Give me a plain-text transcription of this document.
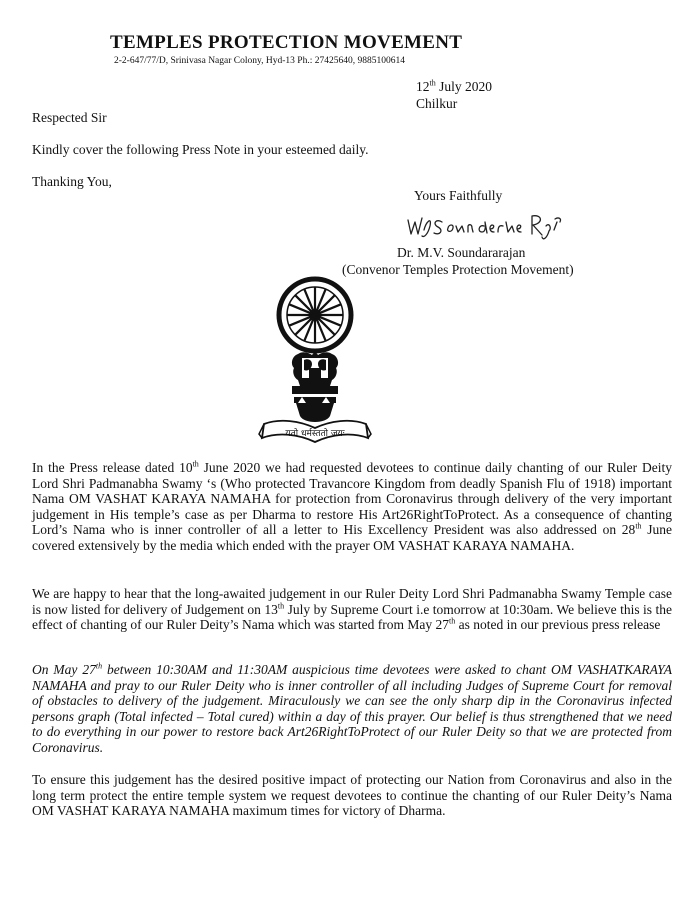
TEMPLES PROTECTION MOVEMENT
2-2-647/77/D, Srinivasa Nagar Colony, Hyd-13 Ph.: 27425640, 9885100614
12th July 2020
Chilkur
Respected Sir
Kindly cover the following Press Note in your esteemed daily.
Thanking You,
Yours Faithfully
Dr. M.V. Soundararajan
(Convenor Temples Protection Movement)
यतो धर्मस्ततो जयः
In the Press release dated 10th June 2020 we had requested devotees to continue daily chanting of our Ruler Deity Lord Shri Padmanabha Swamy ‘s (Who protected Travancore Kingdom from deadly Spanish Flu of 1918) important Nama OM VASHAT KARAYA NAMAHA for protection from Coronavirus through delivery of the very important judgement in His temple’s case as per Dharma to restore His Art26RightToProtect. As a consequence of chanting Lord’s Nama who is inner controller of all a letter to His Excellency President was also addressed on 28th June covered extensively by the media which ended with the prayer OM VASHAT KARAYA NAMAHA.
We are happy to hear that the long-awaited judgement in our Ruler Deity Lord Shri Padmanabha Swamy Temple case is now listed for delivery of Judgement on 13th July by Supreme Court i.e tomorrow at 10:30am. We believe this is the effect of chanting of our Ruler Deity’s Nama which was started from May 27th as noted in our previous press release
On May 27th between 10:30AM and 11:30AM auspicious time devotees were asked to chant OM VASHATKARAYA NAMAHA and pray to our Ruler Deity who is inner controller of all including Judges of Supreme Court for removal of obstacles to delivery of the judgement. Miraculously we can see the only sharp dip in the Coronavirus infected persons graph (Total infected – Total cured) within a day of this prayer. Our belief is thus strengthened that we need to do everything in our power to restore back Art26RightToProtect of our Ruler Deity so that we are protected from Coronavirus.
To ensure this judgement has the desired positive impact of protecting our Nation from Coronavirus and also in the long term protect the entire temple system we request devotees to continue the chanting of our Ruler Deity’s Nama OM VASHAT KARAYA NAMAHA maximum times for victory of Dharma.
